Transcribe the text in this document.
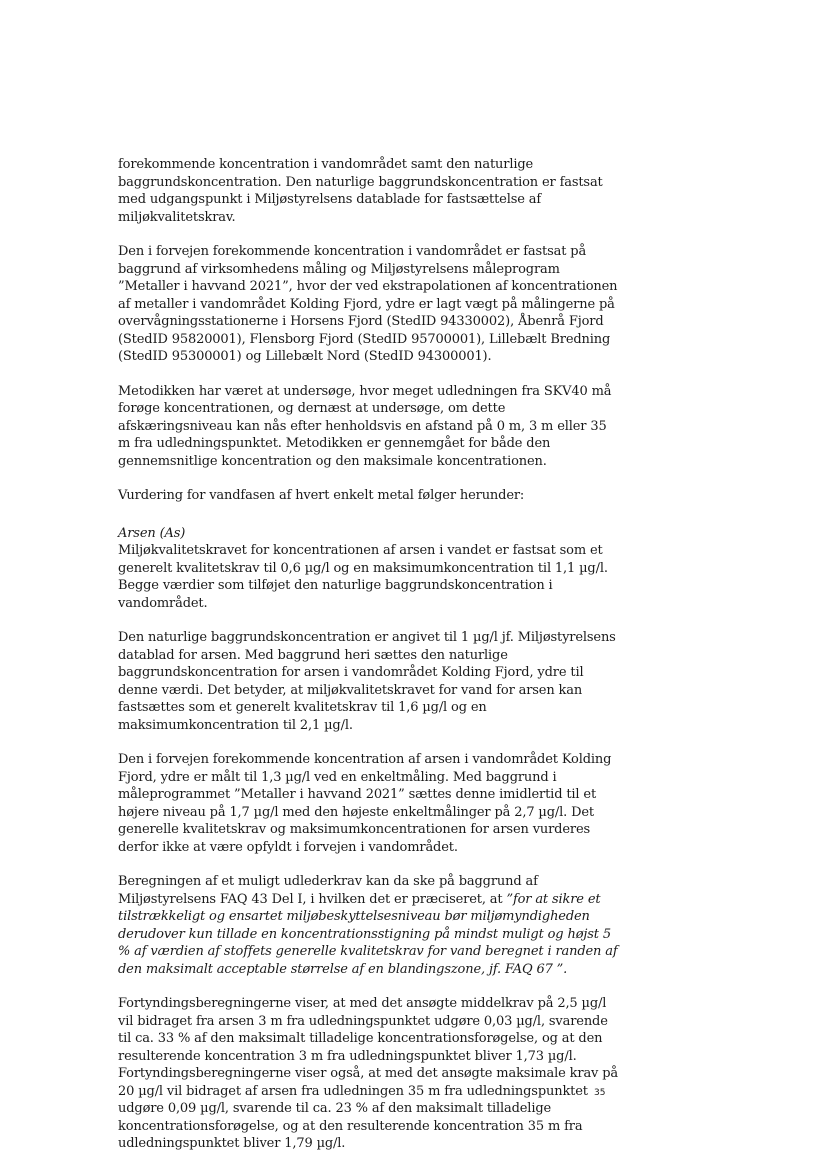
forekommende koncentration i vandområdet samt den naturlige baggrundskoncentration. Den naturlige baggrundskoncentration er fastsat med udgangspunkt i Miljøstyrelsens datablade for fastsættelse af miljøkvalitetskrav.

Den i forvejen forekommende koncentration i vandområdet er fastsat på baggrund af virksomhedens måling og Miljøstyrelsens måleprogram ”Metaller i havvand 2021”, hvor der ved ekstrapolationen af koncentrationen af metaller i vandområdet Kolding Fjord, ydre er lagt vægt på målingerne på overvågningsstationerne i Horsens Fjord (StedID 94330002), Åbenrå Fjord (StedID 95820001), Flensborg Fjord (StedID 95700001), Lillebælt Bredning (StedID 95300001) og Lillebælt Nord (StedID 94300001).

Metodikken har været at undersøge, hvor meget udledningen fra SKV40 må forøge koncentrationen, og dernæst at undersøge, om dette afskæringsniveau kan nås efter henholdsvis en afstand på 0 m, 3 m eller 35 m fra udledningspunktet. Metodikken er gennemgået for både den gennemsnitlige koncentration og den maksimale koncentrationen.

Vurdering for vandfasen af hvert enkelt metal følger herunder:

Arsen (As)

Miljøkvalitetskravet for koncentrationen af arsen i vandet er fastsat som et generelt kvalitetskrav til 0,6 µg/l og en maksimumkoncentration til 1,1 µg/l. Begge værdier som tilføjet den naturlige baggrundskoncentration i vandområdet.

Den naturlige baggrundskoncentration er angivet til 1 µg/l jf. Miljøstyrelsens datablad for arsen. Med baggrund heri sættes den naturlige baggrundskoncentration for arsen i vandområdet Kolding Fjord, ydre til denne værdi. Det betyder, at miljøkvalitetskravet for vand for arsen kan fastsættes som et generelt kvalitetskrav til 1,6 µg/l og en maksimumkoncentration til 2,1 µg/l.

Den i forvejen forekommende koncentration af arsen i vandområdet Kolding Fjord, ydre er målt til 1,3 µg/l ved en enkeltmåling. Med baggrund i måleprogrammet ”Metaller i havvand 2021” sættes denne imidlertid til et højere niveau på 1,7 µg/l med den højeste enkeltmålinger på 2,7 µg/l. Det generelle kvalitetskrav og maksimumkoncentrationen for arsen vurderes derfor ikke at være opfyldt i forvejen i vandområdet.

Beregningen af et muligt udlederkrav kan da ske på baggrund af Miljøstyrelsens FAQ 43 Del I, i hvilken det er præciseret, at ”for at sikre et tilstrækkeligt og ensartet miljøbeskyttelsesniveau bør miljømyndigheden derudover kun tillade en koncentrationsstigning på mindst muligt og højst 5 % af værdien af stoffets generelle kvalitetskrav for vand beregnet i randen af den maksimalt acceptable størrelse af en blandingszone, jf. FAQ 67 ”.

Fortyndingsberegningerne viser, at med det ansøgte middelkrav på 2,5 µg/l vil bidraget fra arsen 3 m fra udledningspunktet udgøre 0,03 µg/l, svarende til ca. 33 % af den maksimalt tilladelige koncentrationsforøgelse, og at den resulterende koncentration 3 m fra udledningspunktet bliver 1,73 µg/l.

Fortyndingsberegningerne viser også, at med det ansøgte maksimale krav på 20 µg/l vil bidraget af arsen fra udledningen 35 m fra udledningspunktet udgøre 0,09 µg/l, svarende til ca. 23 % af den maksimalt tilladelige koncentrationsforøgelse, og at den resulterende koncentration 35 m fra udledningspunktet bliver 1,79 µg/l.

35
